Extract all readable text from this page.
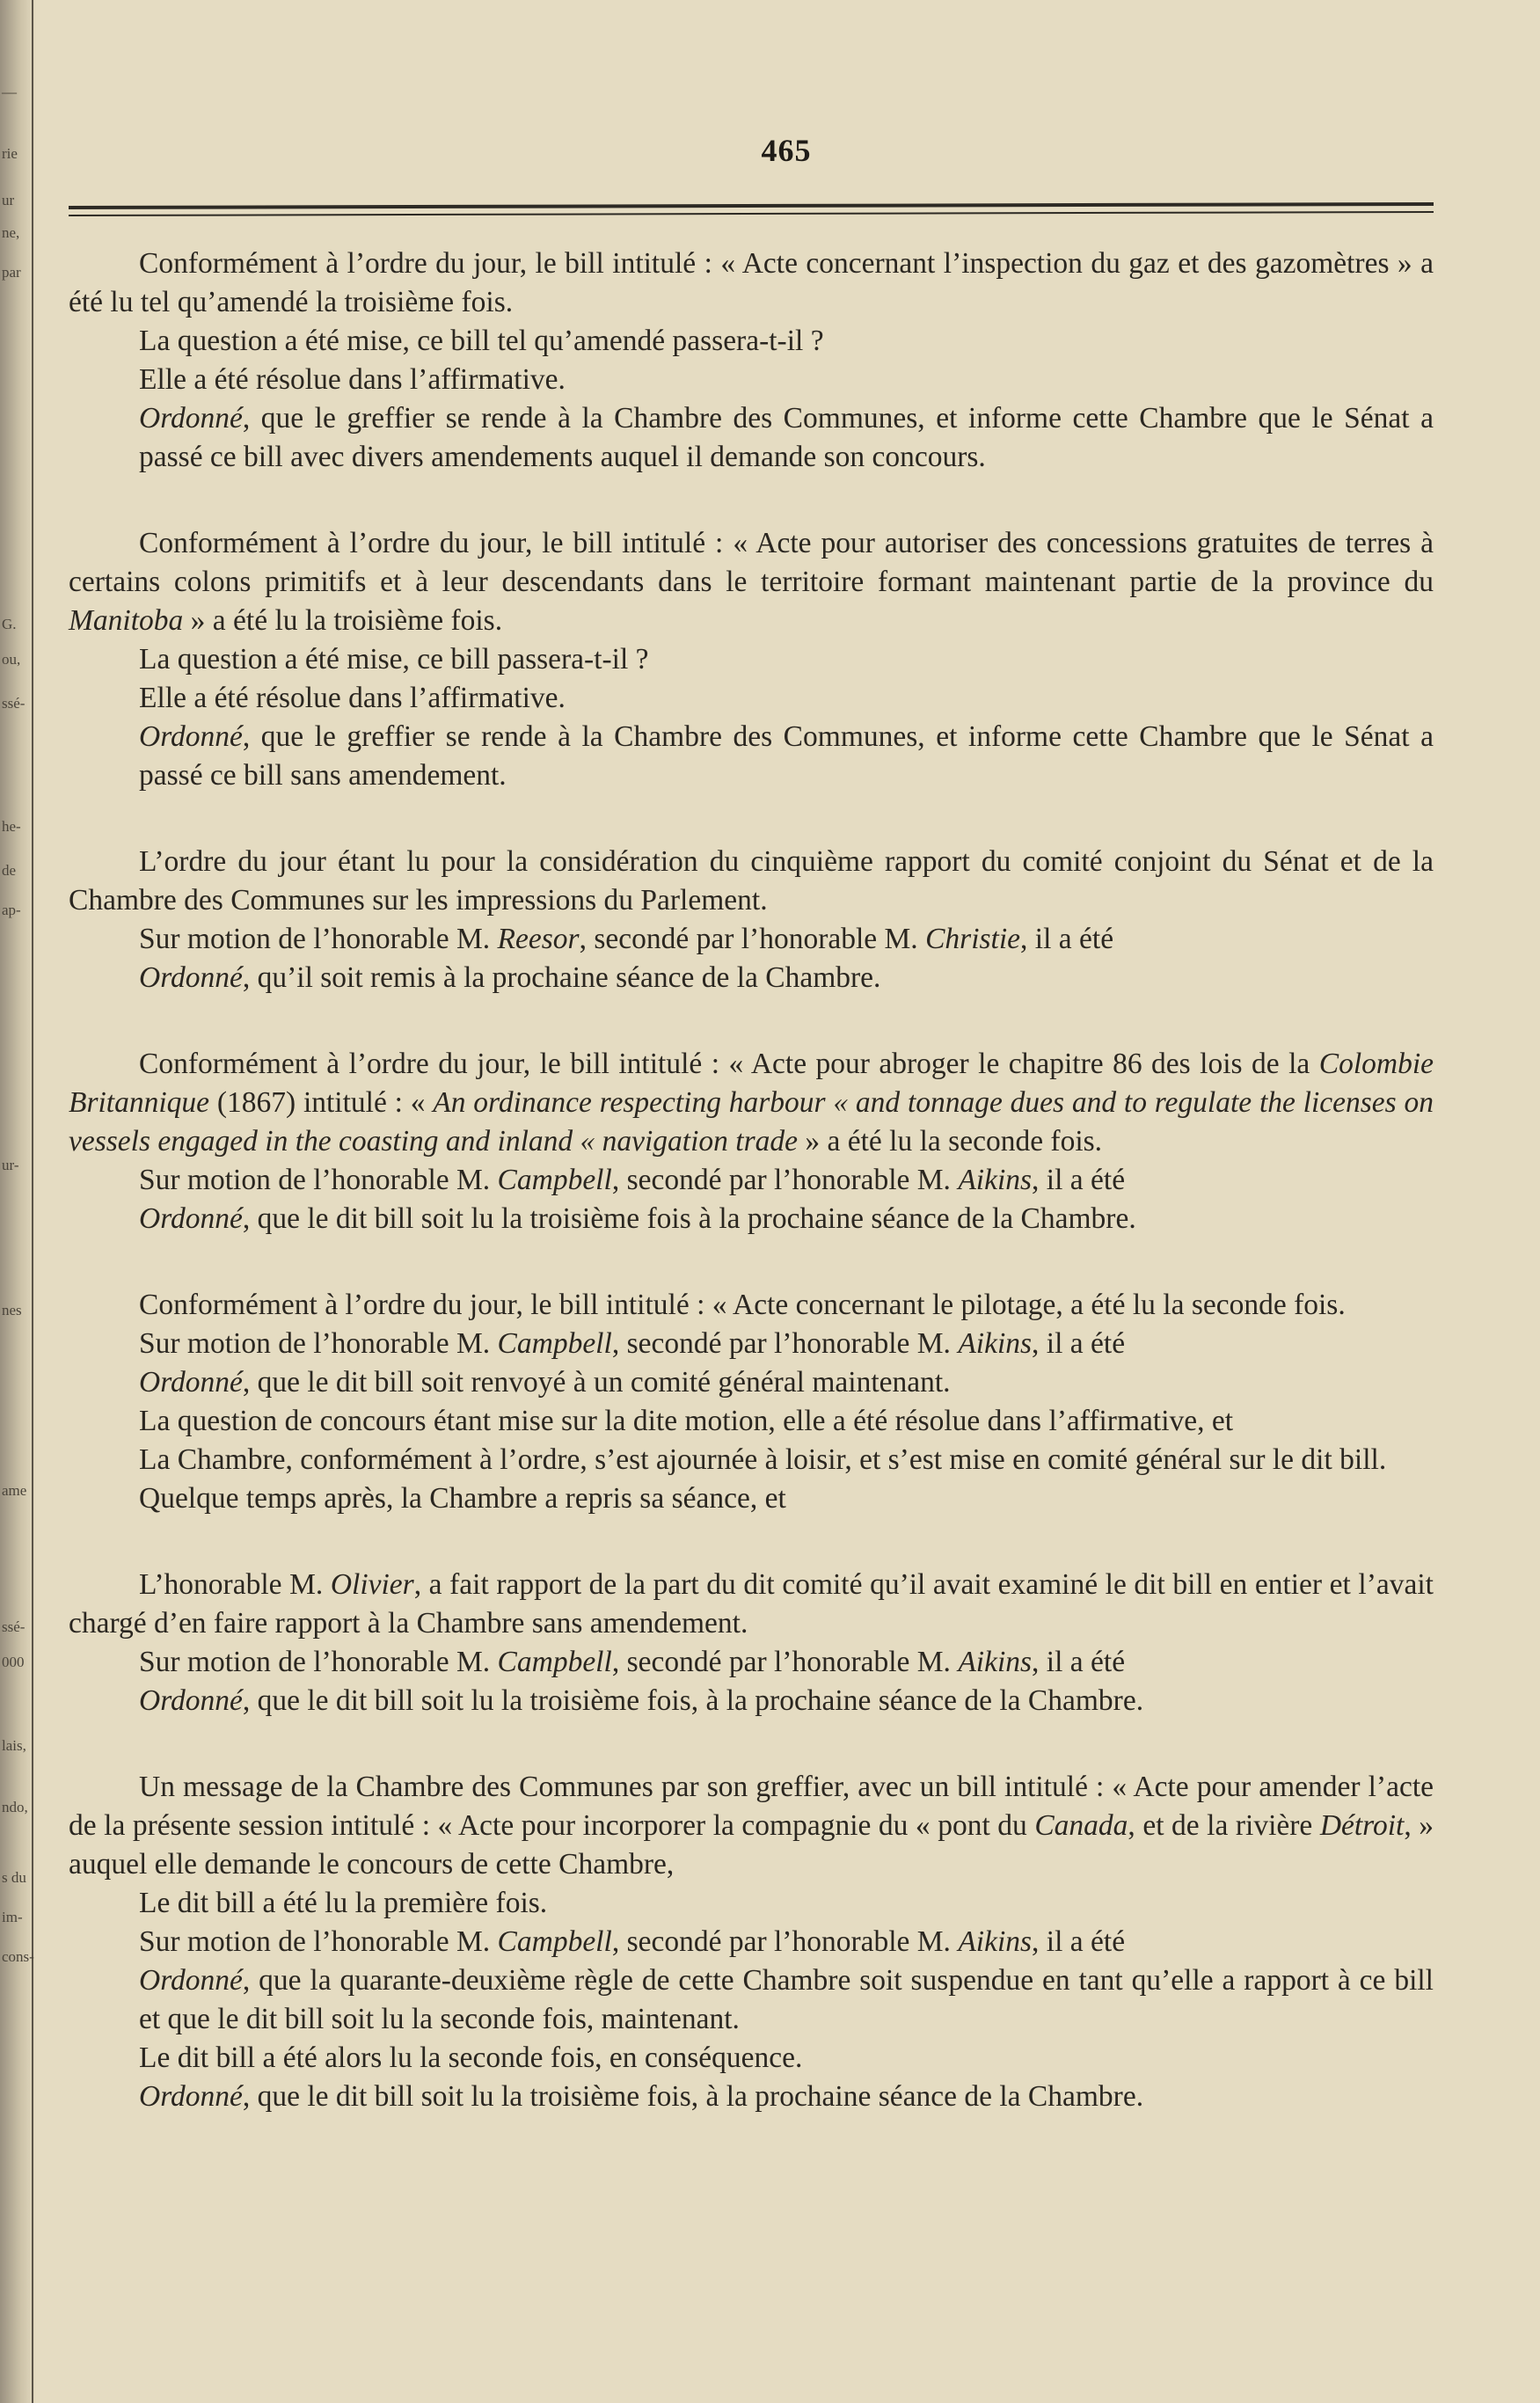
—
rie
ur
ne,
par
G.
ou,
ssé-
he-
de
ap-
ur-
nes
ame
ssé-
000
lais,
ndo,
s du
im-
cons-
465

Conformément à l’ordre du jour, le bill intitulé : « Acte concernant l’inspection du gaz et des gazomètres » a été lu tel qu’amendé la troisième fois.

La question a été mise, ce bill tel qu’amendé passera-t-il ?

Elle a été résolue dans l’affirmative.

Ordonné, que le greffier se rende à la Chambre des Communes, et informe cette Chambre que le Sénat a passé ce bill avec divers amendements auquel il demande son concours.

Conformément à l’ordre du jour, le bill intitulé : « Acte pour autoriser des concessions gratuites de terres à certains colons primitifs et à leur descendants dans le territoire formant maintenant partie de la province du Manitoba » a été lu la troisième fois.

La question a été mise, ce bill passera-t-il ?

Elle a été résolue dans l’affirmative.

Ordonné, que le greffier se rende à la Chambre des Communes, et informe cette Chambre que le Sénat a passé ce bill sans amendement.

L’ordre du jour étant lu pour la considération du cinquième rapport du comité conjoint du Sénat et de la Chambre des Communes sur les impressions du Parlement.

Sur motion de l’honorable M. Reesor, secondé par l’honorable M. Christie, il a été

Ordonné, qu’il soit remis à la prochaine séance de la Chambre.

Conformément à l’ordre du jour, le bill intitulé : « Acte pour abroger le chapitre 86 des lois de la Colombie Britannique (1867) intitulé : « An ordinance respecting harbour « and tonnage dues and to regulate the licenses on vessels engaged in the coasting and inland « navigation trade » a été lu la seconde fois.

Sur motion de l’honorable M. Campbell, secondé par l’honorable M. Aikins, il a été

Ordonné, que le dit bill soit lu la troisième fois à la prochaine séance de la Chambre.

Conformément à l’ordre du jour, le bill intitulé : « Acte concernant le pilotage, a été lu la seconde fois.

Sur motion de l’honorable M. Campbell, secondé par l’honorable M. Aikins, il a été

Ordonné, que le dit bill soit renvoyé à un comité général maintenant.

La question de concours étant mise sur la dite motion, elle a été résolue dans l’affirmative, et

La Chambre, conformément à l’ordre, s’est ajournée à loisir, et s’est mise en comité général sur le dit bill.

Quelque temps après, la Chambre a repris sa séance, et

L’honorable M. Olivier, a fait rapport de la part du dit comité qu’il avait examiné le dit bill en entier et l’avait chargé d’en faire rapport à la Chambre sans amendement.

Sur motion de l’honorable M. Campbell, secondé par l’honorable M. Aikins, il a été

Ordonné, que le dit bill soit lu la troisième fois, à la prochaine séance de la Chambre.

Un message de la Chambre des Communes par son greffier, avec un bill intitulé : « Acte pour amender l’acte de la présente session intitulé : « Acte pour incorporer la compagnie du « pont du Canada, et de la rivière Détroit, » auquel elle demande le concours de cette Chambre,

Le dit bill a été lu la première fois.

Sur motion de l’honorable M. Campbell, secondé par l’honorable M. Aikins, il a été

Ordonné, que la quarante-deuxième règle de cette Chambre soit suspendue en tant qu’elle a rapport à ce bill et que le dit bill soit lu la seconde fois, maintenant.

Le dit bill a été alors lu la seconde fois, en conséquence.

Ordonné, que le dit bill soit lu la troisième fois, à la prochaine séance de la Chambre.
